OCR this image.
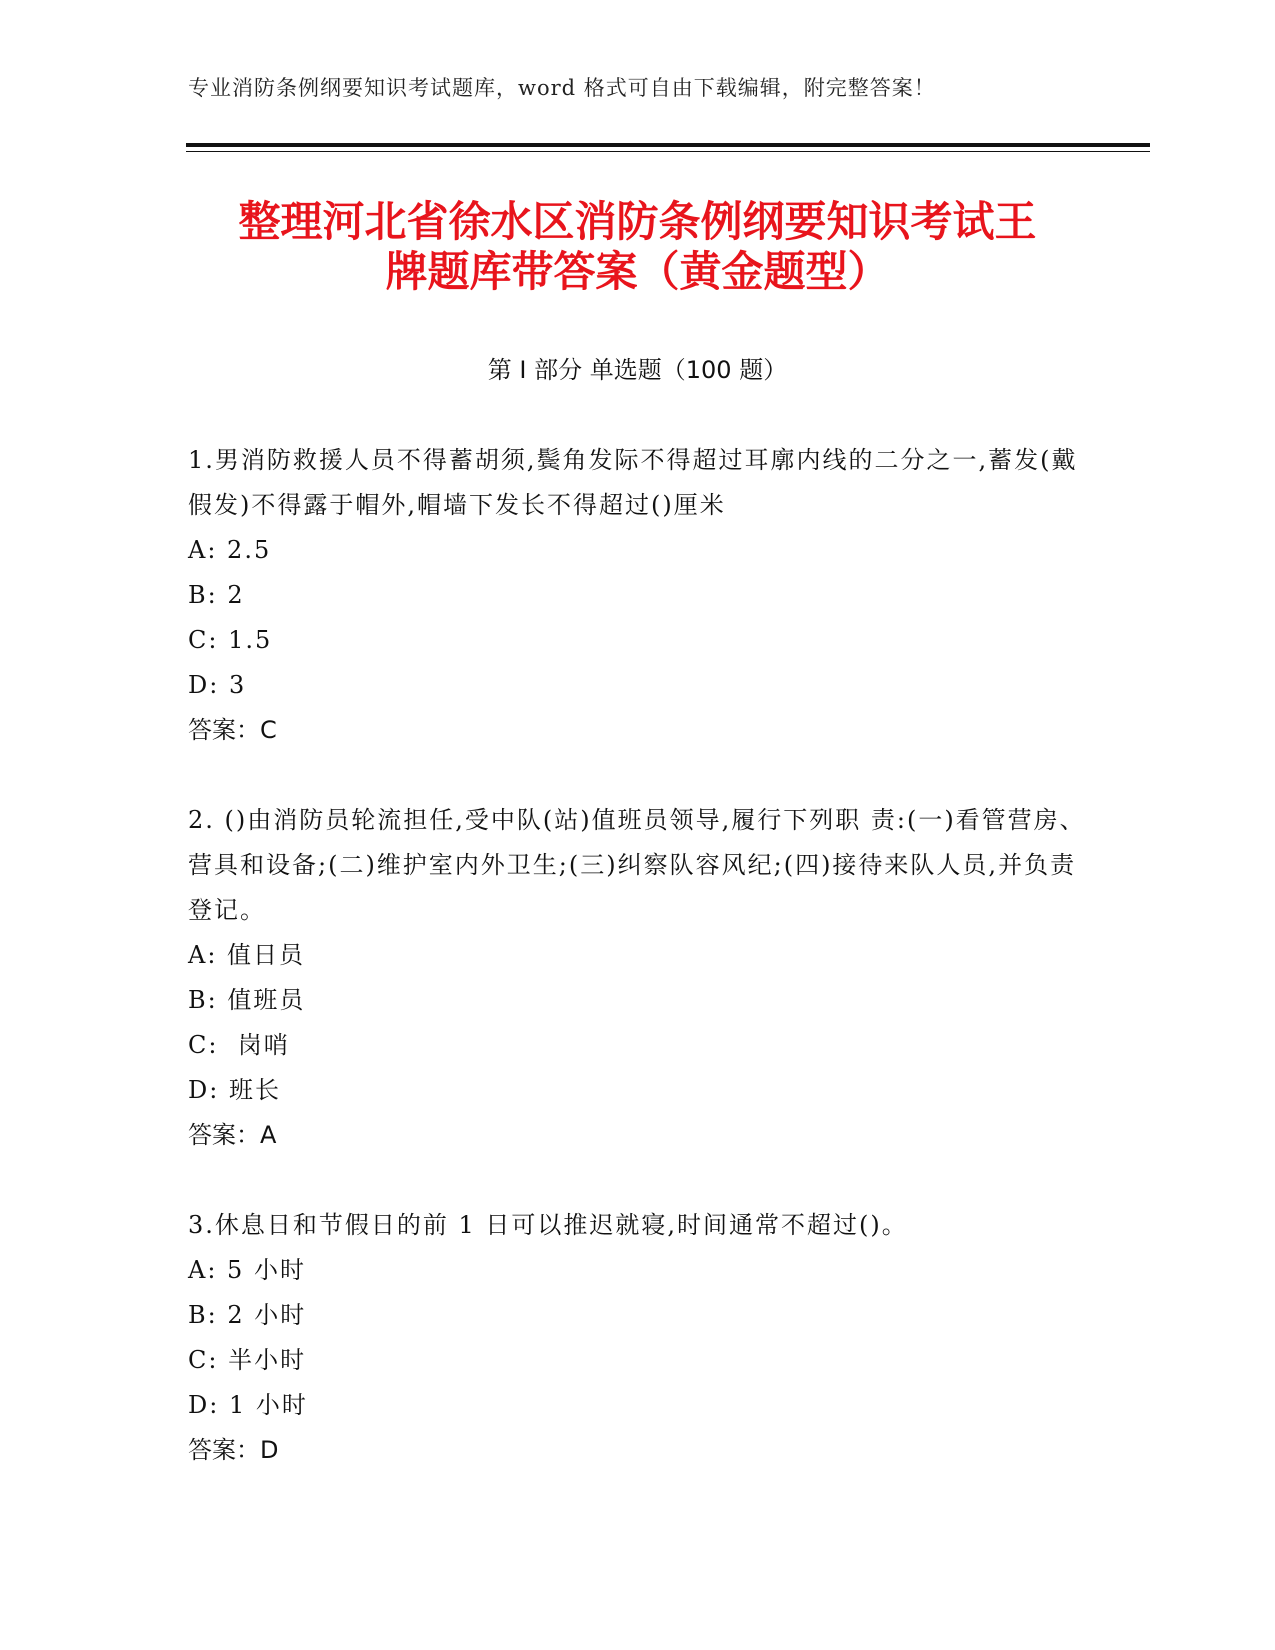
专业消防条例纲要知识考试题库，word 格式可自由下载编辑，附完整答案！
整理河北省徐水区消防条例纲要知识考试王
牌题库带答案（黄金题型）
第 I 部分 单选题（100 题）
1.男消防救援人员不得蓄胡须,鬓角发际不得超过耳廓内线的二分之一,蓄发(戴假发)不得露于帽外,帽墙下发长不得超过()厘米
A: 2.5
B: 2
C: 1.5
D: 3
答案：C
2. ()由消防员轮流担任,受中队(站)值班员领导,履行下列职 责:(一)看管营房、营具和设备;(二)维护室内外卫生;(三)纠察队容风纪;(四)接待来队人员,并负责登记。
A: 值日员
B: 值班员
C:  岗哨
D: 班长
答案：A
3.休息日和节假日的前 1 日可以推迟就寝,时间通常不超过()。
A: 5 小时
B: 2 小时
C: 半小时
D: 1 小时
答案：D
